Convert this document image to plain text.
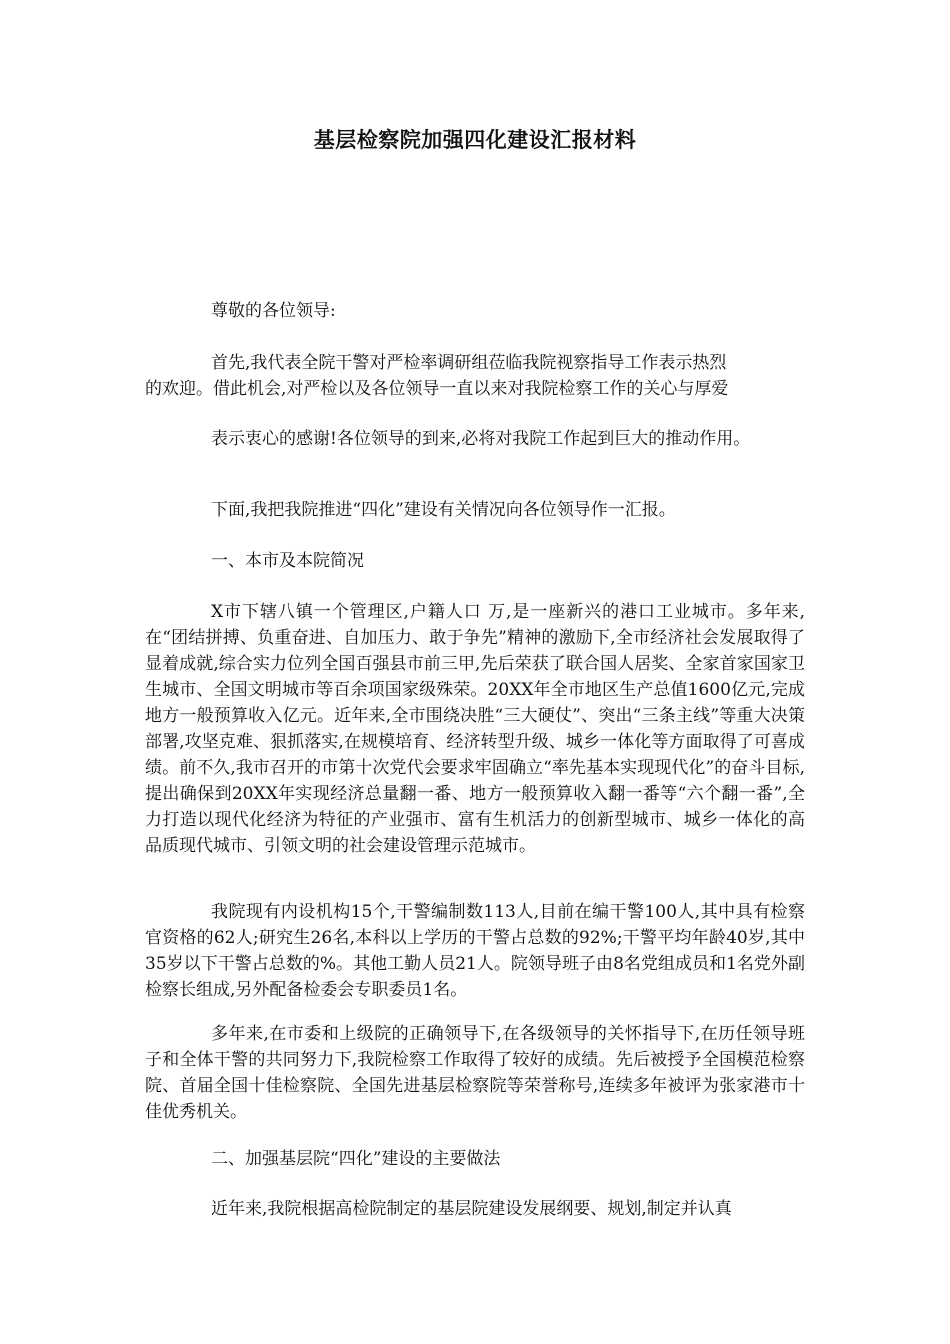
基层检察院加强四化建设汇报材料
尊敬的各位领导:
首先,我代表全院干警对严检率调研组莅临我院视察指导工作表示热烈
的欢迎。借此机会,对严检以及各位领导一直以来对我院检察工作的关心与厚爱
表示衷心的感谢!各位领导的到来,必将对我院工作起到巨大的推动作用。
下面,我把我院推进“四化”建设有关情况向各位领导作一汇报。
一、本市及本院简况

X市下辖八镇一个管理区,户籍人口 万,是一座新兴的港口工业城市。多年来,在“团结拼搏、负重奋进、自加压力、敢于争先”精神的激励下,全市经济社会发展取得了显着成就,综合实力位列全国百强县市前三甲,先后荣获了联合国人居奖、全家首家国家卫生城市、全国文明城市等百余项国家级殊荣。20XX年全市地区生产总值1600亿元,完成地方一般预算收入亿元。近年来,全市围绕决胜“三大硬仗”、突出“三条主线”等重大决策部署,攻坚克难、狠抓落实,在规模培育、经济转型升级、城乡一体化等方面取得了可喜成绩。前不久,我市召开的市第十次党代会要求牢固确立“率先基本实现现代化”的奋斗目标,提出确保到20XX年实现经济总量翻一番、地方一般预算收入翻一番等“六个翻一番”,全力打造以现代化经济为特征的产业强市、富有生机活力的创新型城市、城乡一体化的高品质现代城市、引领文明的社会建设管理示范城市。

我院现有内设机构15个,干警编制数113人,目前在编干警100人,其中具有检察官资格的62人;研究生26名,本科以上学历的干警占总数的92%;干警平均年龄40岁,其中35岁以下干警占总数的%。其他工勤人员21人。院领导班子由8名党组成员和1名党外副检察长组成,另外配备检委会专职委员1名。

多年来,在市委和上级院的正确领导下,在各级领导的关怀指导下,在历任领导班子和全体干警的共同努力下,我院检察工作取得了较好的成绩。先后被授予全国模范检察院、首届全国十佳检察院、全国先进基层检察院等荣誉称号,连续多年被评为张家港市十佳优秀机关。

二、加强基层院“四化”建设的主要做法
近年来,我院根据高检院制定的基层院建设发展纲要、规划,制定并认真
